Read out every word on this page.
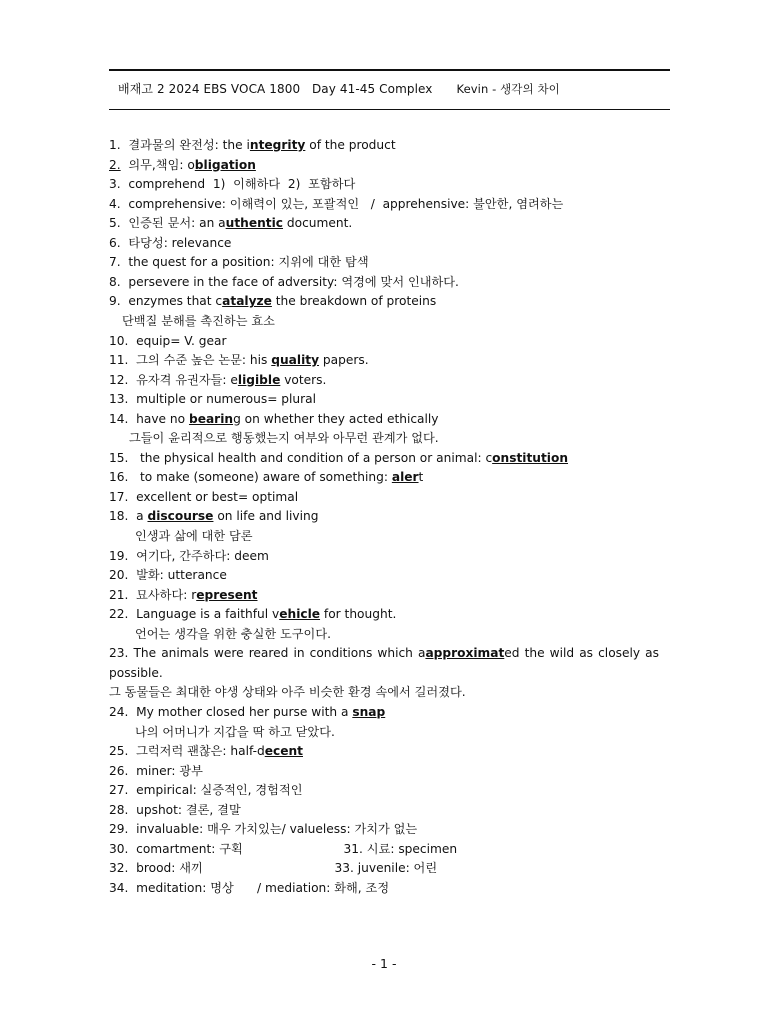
배재고 2 2024 EBS VOCA 1800   Day 41-45 Complex Kevin - 생각의 차이
1.  결과물의 완전성: the integrity of the product
2.  의무,책임: obligation
3.  comprehend  1)  이해하다  2)  포함하다
4.  comprehensive: 이해력이 있는, 포괄적인   /  apprehensive: 불안한, 염려하는
5.  인증된 문서: an authentic document.
6.  타당성: relevance
7.  the quest for a position: 지위에 대한 탐색
8.  persevere in the face of adversity: 역경에 맞서 인내하다.
9.  enzymes that catalyze the breakdown of proteins
단백질 분해를 촉진하는 효소
10.  equip= V. gear
11.  그의 수준 높은 논문: his quality papers.
12.  유자격 유권자들: eligible voters.
13.  multiple or numerous= plural
14.  have no bearing on whether they acted ethically
그들이 윤리적으로 행동했는지 여부와 아무런 관계가 없다.
15.   the physical health and condition of a person or animal: constitution
16.   to make (someone) aware of something: alert
17.  excellent or best= optimal
18.  a discourse on life and living
인생과 삶에 대한 담론
19.  여기다, 간주하다: deem
20.  발화: utterance
21.  묘사하다: represent
22.  Language is a faithful vehicle for thought.
언어는 생각을 위한 충실한 도구이다.
23. The animals were reared in conditions which aapproximated the wild as closely as
possible.
그 동물들은 최대한 야생 상태와 아주 비슷한 환경 속에서 길러졌다.
24.  My mother closed her purse with a snap
나의 어머니가 지갑을 딱 하고 닫았다.
25.  그럭저럭 괜찮은: half-decent
26.  miner: 광부
27.  empirical: 실증적인, 경험적인
28.  upshot: 결론, 결말
29.  invaluable: 매우 가치있는/ valueless: 가치가 없는
30.  comartment: 구획                          31. 시료: specimen
32.  brood: 새끼                                  33. juvenile: 어린
34.  meditation: 명상      / mediation: 화해, 조정
- 1 -
